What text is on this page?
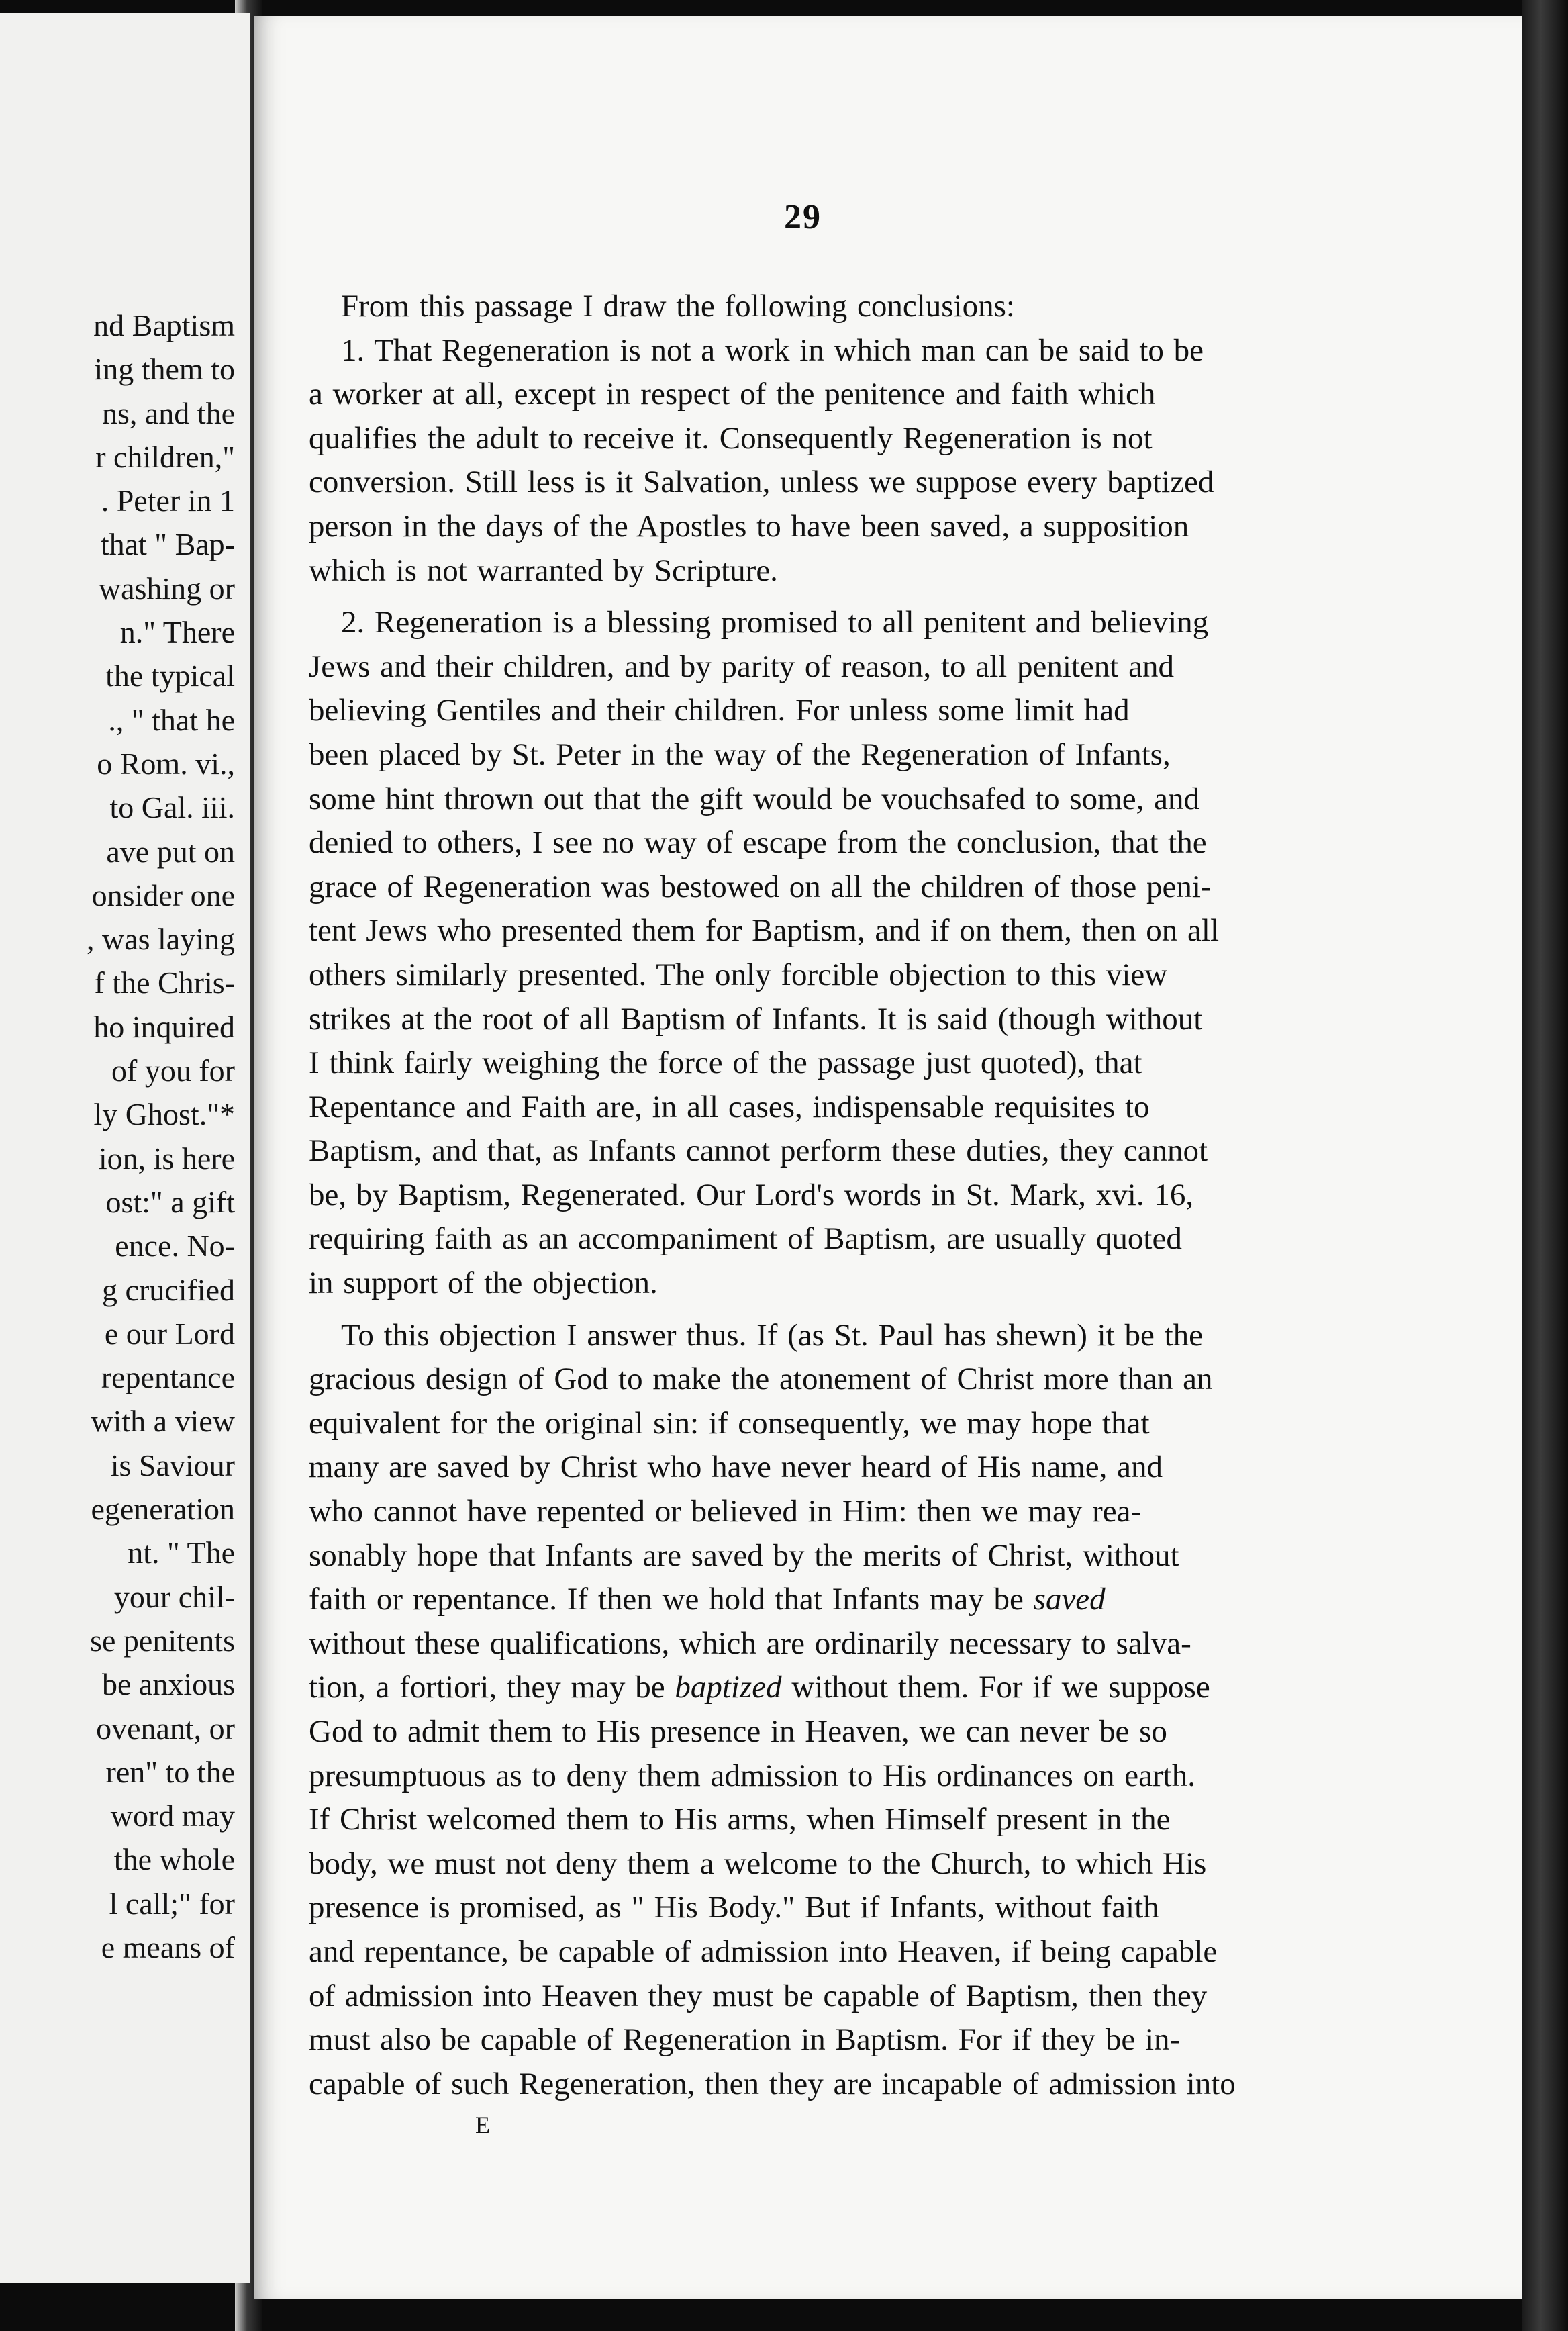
nd Baptism
ing them to
ns, and the
r children,"
. Peter in 1
that " Bap-
washing or
n." There
the typical
., " that he
o Rom. vi.,
to Gal. iii.
ave put on
onsider one
, was laying
f the Chris-
ho inquired
of you for
ly Ghost."*
ion, is here
ost:" a gift
ence. No-
g crucified
e our Lord
repentance
with a view
is Saviour
egeneration
nt. " The
your chil-
se penitents
be anxious
ovenant, or
ren" to the
word may
the whole
l call;" for
e means of
29
From this passage I draw the following conclusions:
1. That Regeneration is not a work in which man can be said to be
a worker at all, except in respect of the penitence and faith which
qualifies the adult to receive it. Consequently Regeneration is not
conversion. Still less is it Salvation, unless we suppose every baptized
person in the days of the Apostles to have been saved, a supposition
which is not warranted by Scripture.
2. Regeneration is a blessing promised to all penitent and believing
Jews and their children, and by parity of reason, to all penitent and
believing Gentiles and their children. For unless some limit had
been placed by St. Peter in the way of the Regeneration of Infants,
some hint thrown out that the gift would be vouchsafed to some, and
denied to others, I see no way of escape from the conclusion, that the
grace of Regeneration was bestowed on all the children of those peni-
tent Jews who presented them for Baptism, and if on them, then on all
others similarly presented. The only forcible objection to this view
strikes at the root of all Baptism of Infants. It is said (though without
I think fairly weighing the force of the passage just quoted), that
Repentance and Faith are, in all cases, indispensable requisites to
Baptism, and that, as Infants cannot perform these duties, they cannot
be, by Baptism, Regenerated. Our Lord's words in St. Mark, xvi. 16,
requiring faith as an accompaniment of Baptism, are usually quoted
in support of the objection.
To this objection I answer thus. If (as St. Paul has shewn) it be the
gracious design of God to make the atonement of Christ more than an
equivalent for the original sin: if consequently, we may hope that
many are saved by Christ who have never heard of His name, and
who cannot have repented or believed in Him: then we may rea-
sonably hope that Infants are saved by the merits of Christ, without
faith or repentance. If then we hold that Infants may be saved
without these qualifications, which are ordinarily necessary to salva-
tion, a fortiori, they may be baptized without them. For if we suppose
God to admit them to His presence in Heaven, we can never be so
presumptuous as to deny them admission to His ordinances on earth.
If Christ welcomed them to His arms, when Himself present in the
body, we must not deny them a welcome to the Church, to which His
presence is promised, as " His Body." But if Infants, without faith
and repentance, be capable of admission into Heaven, if being capable
of admission into Heaven they must be capable of Baptism, then they
must also be capable of Regeneration in Baptism. For if they be in-
capable of such Regeneration, then they are incapable of admission into
E
